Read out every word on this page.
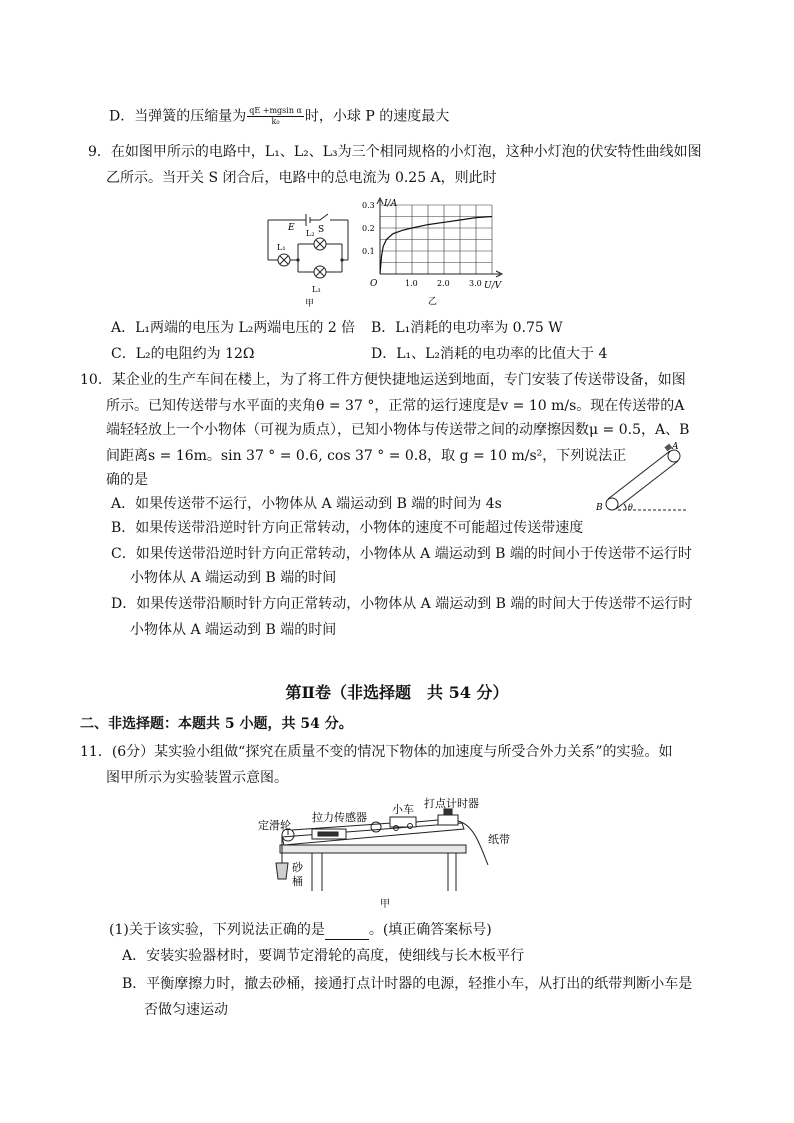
D．当弹簧的压缩量为 $\frac{\text{qE +mgsin α}}{\text{k₀}}$ 时，小球 P 的速度最大
9．在如图甲所示的电路中，L₁、L₂、L₃为三个相同规格的小灯泡，这种小灯泡的伏安特性曲线如图
乙所示。当开关 S 闭合后，电路中的总电流为 0.25 A，则此时
E	S
L₁
L₂
L₃
甲
1.0 2.0 3.0
0.1
0.2
0.3 I/A
U/V
O
乙
A．L₁两端的电压为 L₂两端电压的 2 倍 B．L₁消耗的电功率为 0.75 W
C．L₂的电阻约为 12Ω	D．L₁、L₂消耗的电功率的比值大于 4
10．某企业的生产车间在楼上，为了将工件方便快捷地运送到地面，专门安装了传送带设备，如图
所示。已知传送带与水平面的夹角θ = 37 °，正常的运行速度是v = 10 m/s。现在传送带的A
端轻轻放上一个小物体（可视为质点），已知小物体与传送带之间的动摩擦因数μ = 0.5，A、B
间距离s = 16m。sin 37 ° = 0.6, cos 37 ° = 0.8，取 g = 10 m/s²，下列说法正
确的是
A
B	θ
A．如果传送带不运行，小物体从 A 端运动到 B 端的时间为 4s
B．如果传送带沿逆时针方向正常转动，小物体的速度不可能超过传送带速度
C．如果传送带沿逆时针方向正常转动，小物体从 A 端运动到 B 端的时间小于传送带不运行时
小物体从 A 端运动到 B 端的时间
D．如果传送带沿顺时针方向正常转动，小物体从 A 端运动到 B 端的时间大于传送带不运行时
小物体从 A 端运动到 B 端的时间
第Ⅱ卷（非选择题　共 54 分）
二、非选择题：本题共 5 小题，共 54 分。
11．(6分）某实验小组做“探究在质量不变的情况下物体的加速度与所受合外力关系”的实验。如
图甲所示为实验装置示意图。
定滑轮
拉力传感器
小车 打点计时器
纸带
砂
桶
甲
(1)关于该实验，下列说法正确的是	。(填正确答案标号)
A．安装实验器材时，要调节定滑轮的高度，使细线与长木板平行
B．平衡摩擦力时，撤去砂桶，接通打点计时器的电源，轻推小车，从打出的纸带判断小车是
否做匀速运动
